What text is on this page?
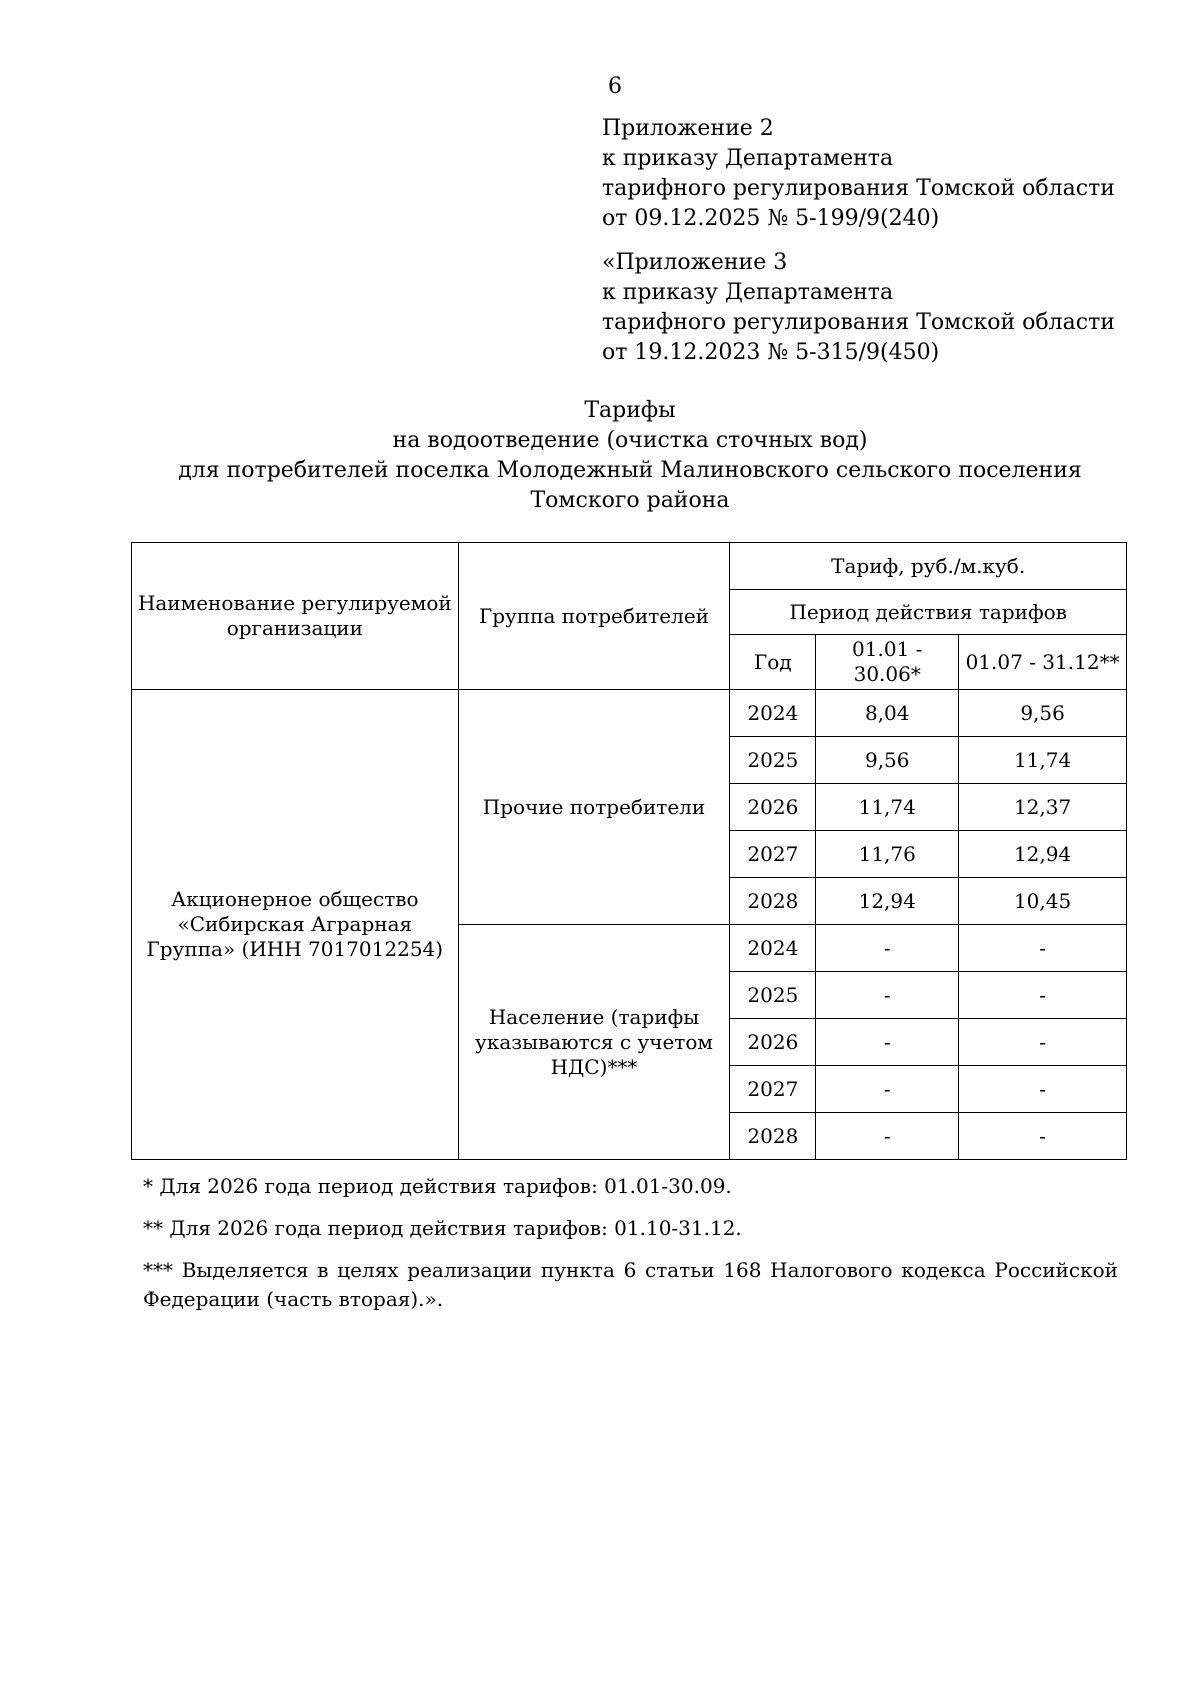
6
Приложение 2
к приказу Департамента
тарифного регулирования Томской области
от 09.12.2025 № 5-199/9(240)
«Приложение 3
к приказу Департамента
тарифного регулирования Томской области
от 19.12.2023 № 5-315/9(450)
Тарифы
на водоотведение (очистка сточных вод)
для потребителей поселка Молодежный Малиновского сельского поселения
Томского района
Наименование регулируемой организации	Группа потребителей	Тариф, руб./м.куб.		
		Период действия тарифов		
		Год	01.01 - 30.06*	01.07 - 31.12**
Акционерное общество «Сибирская Аграрная Группа» (ИНН 7017012254)	Прочие потребители	2024	8,04	9,56
		2025	9,56	11,74
		2026	11,74	12,37
		2027	11,76	12,94
		2028	12,94	10,45
	Население (тарифы указываются с учетом НДС)***	2024	-	-
		2025	-	-
		2026	-	-
		2027	-	-
		2028	-	-
* Для 2026 года период действия тарифов: 01.01-30.09.
** Для 2026 года период действия тарифов: 01.10-31.12.
*** Выделяется в целях реализации пункта 6 статьи 168 Налогового кодекса Российской Федерации (часть вторая).».
